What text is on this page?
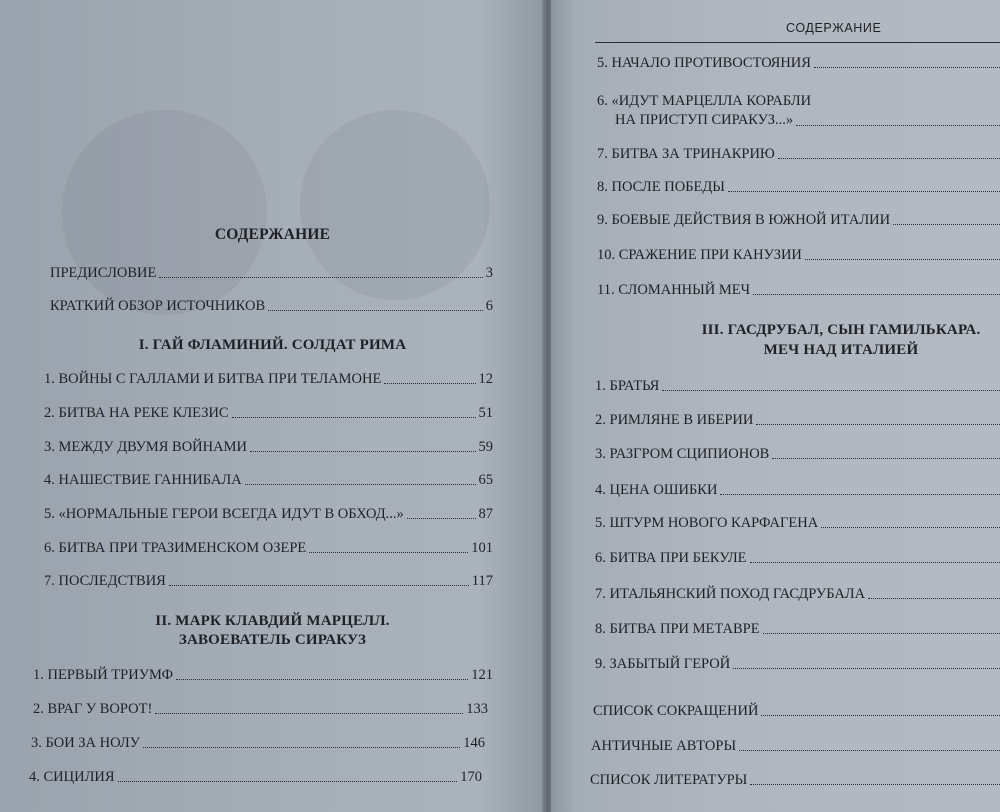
СОДЕРЖАНИЕ
ПРЕДИСЛОВИЕ	3
КРАТКИЙ ОБЗОР ИСТОЧНИКОВ	6
I. ГАЙ ФЛАМИНИЙ. СОЛДАТ РИМА
1. ВОЙНЫ С ГАЛЛАМИ И БИТВА ПРИ ТЕЛАМОНЕ	12
2. БИТВА НА РЕКЕ КЛЕЗИС	51
3. МЕЖДУ ДВУМЯ ВОЙНАМИ	59
4. НАШЕСТВИЕ ГАННИБАЛА	65
5. «НОРМАЛЬНЫЕ ГЕРОИ ВСЕГДА ИДУТ В ОБХОД...»	87
6. БИТВА ПРИ ТРАЗИМЕНСКОМ ОЗЕРЕ	101
7. ПОСЛЕДСТВИЯ	117
II. МАРК КЛАВДИЙ МАРЦЕЛЛ.
ЗАВОЕВАТЕЛЬ СИРАКУЗ
1. ПЕРВЫЙ ТРИУМФ	121
2. ВРАГ У ВОРОТ!	133
3. БОИ ЗА НОЛУ	146
4. СИЦИЛИЯ	170
СОДЕРЖАНИЕ
5. НАЧАЛО ПРОТИВОСТОЯНИЯ
6. «ИДУТ МАРЦЕЛЛА КОРАБЛИ
НА ПРИСТУП СИРАКУЗ...»
7. БИТВА ЗА ТРИНАКРИЮ
8. ПОСЛЕ ПОБЕДЫ
9. БОЕВЫЕ ДЕЙСТВИЯ В ЮЖНОЙ ИТАЛИИ
10. СРАЖЕНИЕ ПРИ КАНУЗИИ
11. СЛОМАННЫЙ МЕЧ
III. ГАСДРУБАЛ, СЫН ГАМИЛЬКАРА.
МЕЧ НАД ИТАЛИЕЙ
1. БРАТЬЯ
2. РИМЛЯНЕ В ИБЕРИИ
3. РАЗГРОМ СЦИПИОНОВ
4. ЦЕНА ОШИБКИ
5. ШТУРМ НОВОГО КАРФАГЕНА
6. БИТВА ПРИ БЕКУЛЕ
7. ИТАЛЬЯНСКИЙ ПОХОД ГАСДРУБАЛА
8. БИТВА ПРИ МЕТАВРЕ
9. ЗАБЫТЫЙ ГЕРОЙ
СПИСОК СОКРАЩЕНИЙ
АНТИЧНЫЕ АВТОРЫ
СПИСОК ЛИТЕРАТУРЫ
